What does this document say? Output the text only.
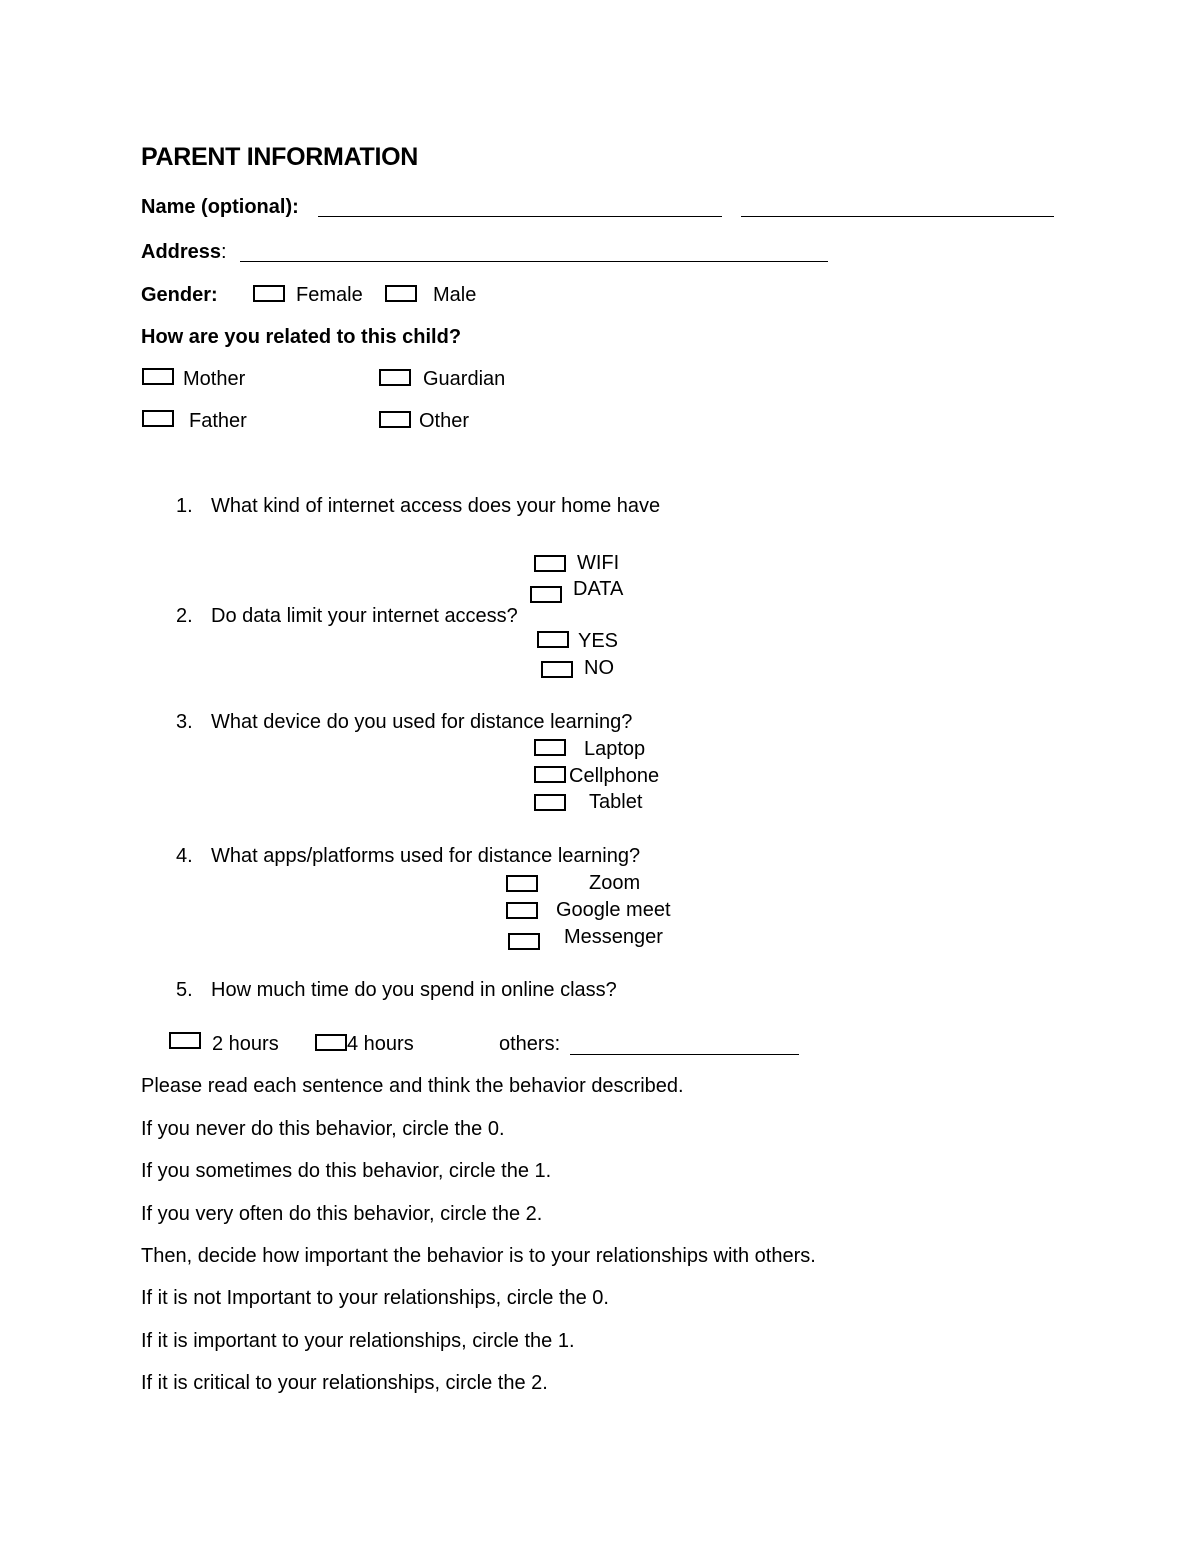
PARENT INFORMATION
Name (optional):
Address:
Gender:	Female	Male
How are you related to this child?
Mother	Guardian
Father	Other
1. What kind of internet access does your home have
WIFI
DATA
2. Do data limit your internet access?
YES
NO
3. What device do you used for distance learning?
Laptop
Cellphone
Tablet
4. What apps/platforms used for distance learning?
Zoom
Google meet
Messenger
5. How much time do you spend in online class?
2 hours	4 hours	others:
Please read each sentence and think the behavior described.
If you never do this behavior, circle the 0.
If you sometimes do this behavior, circle the 1.
If you very often do this behavior, circle the 2.
Then, decide how important the behavior is to your relationships with others.
If it is not Important to your relationships, circle the 0.
If it is important to your relationships, circle the 1.
If it is critical to your relationships, circle the 2.
